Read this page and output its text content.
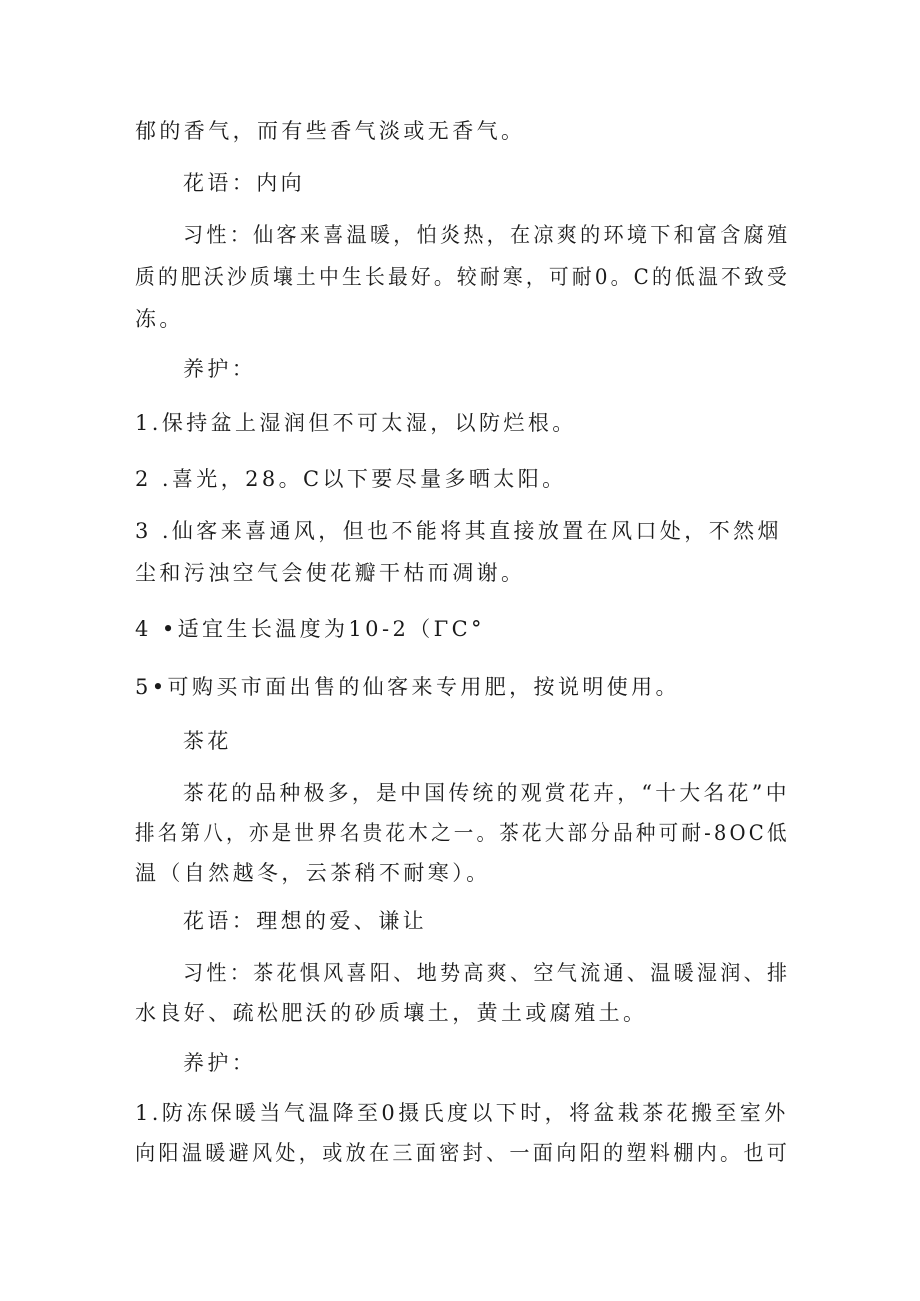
郁的香气，而有些香气淡或无香气。
花语：内向
习性：仙客来喜温暖，怕炎热，在凉爽的环境下和富含腐殖
质的肥沃沙质壤土中生长最好。较耐寒，可耐0。C的低温不致受
冻。
养护：
1.保持盆上湿润但不可太湿，以防烂根。
2 .喜光，28。C以下要尽量多晒太阳。
3 .仙客来喜通风，但也不能将其直接放置在风口处，不然烟
尘和污浊空气会使花瓣干枯而凋谢。
4 •适宜生长温度为10-2（ΓC°
5•可购买市面出售的仙客来专用肥，按说明使用。
茶花
茶花的品种极多，是中国传统的观赏花卉，“十大名花”中
排名第八，亦是世界名贵花木之一。茶花大部分品种可耐-8OC低
温（自然越冬，云茶稍不耐寒）。
花语：理想的爱、谦让
习性：茶花惧风喜阳、地势高爽、空气流通、温暖湿润、排
水良好、疏松肥沃的砂质壤土，黄土或腐殖土。
养护：
1.防冻保暖当气温降至0摄氏度以下时，将盆栽茶花搬至室外
向阳温暖避风处，或放在三面密封、一面向阳的塑料棚内。也可
